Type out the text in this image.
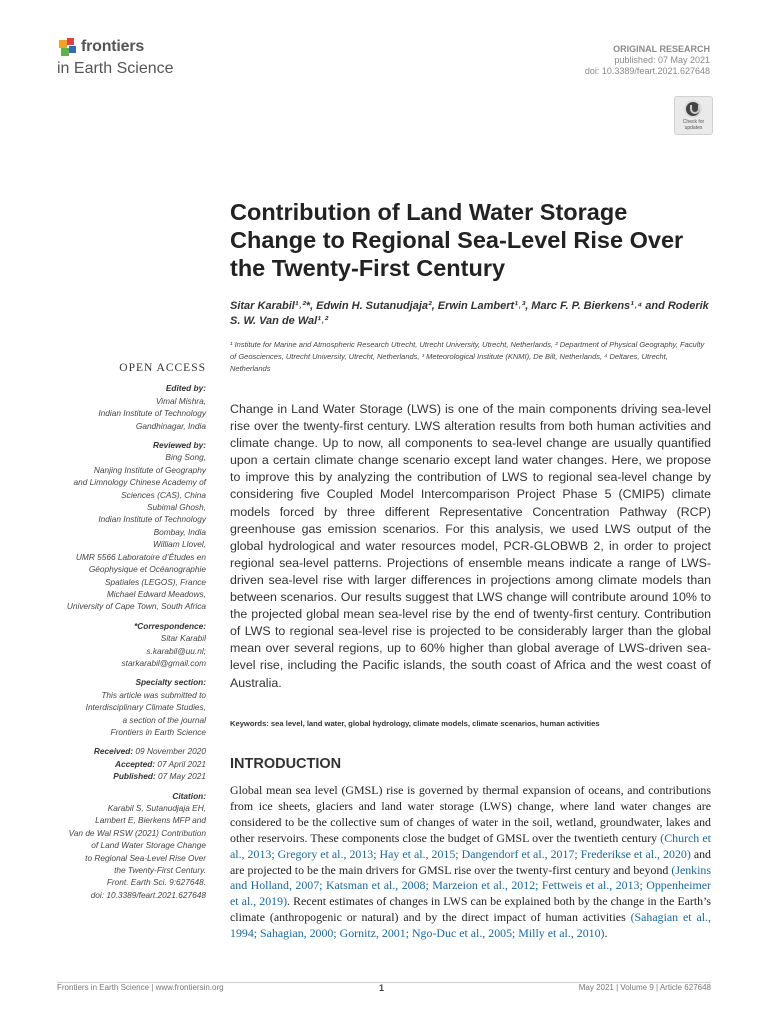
frontiers
in Earth Science
ORIGINAL RESEARCH
published: 07 May 2021
doi: 10.3389/feart.2021.627648
Check for updates
Contribution of Land Water Storage Change to Regional Sea-Level Rise Over the Twenty-First Century
Sitar Karabil¹˒²*, Edwin H. Sutanudjaja², Erwin Lambert¹˒³, Marc F. P. Bierkens¹˒⁴ and Roderik S. W. Van de Wal¹˒²
¹ Institute for Marine and Atmospheric Research Utrecht, Utrecht University, Utrecht, Netherlands, ² Department of Physical Geography, Faculty of Geosciences, Utrecht University, Utrecht, Netherlands, ³ Meteorological Institute (KNMI), De Bilt, Netherlands, ⁴ Deltares, Utrecht, Netherlands
Change in Land Water Storage (LWS) is one of the main components driving sea-level rise over the twenty-first century. LWS alteration results from both human activities and climate change. Up to now, all components to sea-level change are usually quantified upon a certain climate change scenario except land water changes. Here, we propose to improve this by analyzing the contribution of LWS to regional sea-level change by considering five Coupled Model Intercomparison Project Phase 5 (CMIP5) climate models forced by three different Representative Concentration Pathway (RCP) greenhouse gas emission scenarios. For this analysis, we used LWS output of the global hydrological and water resources model, PCR-GLOBWB 2, in order to project regional sea-level patterns. Projections of ensemble means indicate a range of LWS-driven sea-level rise with larger differences in projections among climate models than between scenarios. Our results suggest that LWS change will contribute around 10% to the projected global mean sea-level rise by the end of twenty-first century. Contribution of LWS to regional sea-level rise is projected to be considerably larger than the global mean over several regions, up to 60% higher than global average of LWS-driven sea-level rise, including the Pacific islands, the south coast of Africa and the west coast of Australia.
Keywords: sea level, land water, global hydrology, climate models, climate scenarios, human activities
INTRODUCTION
Global mean sea level (GMSL) rise is governed by thermal expansion of oceans, and contributions from ice sheets, glaciers and land water storage (LWS) change, where land water changes are considered to be the collective sum of changes of water in the soil, wetland, groundwater, lakes and other reservoirs. These components close the budget of GMSL over the twentieth century (Church et al., 2013; Gregory et al., 2013; Hay et al., 2015; Dangendorf et al., 2017; Frederikse et al., 2020) and are projected to be the main drivers for GMSL rise over the twenty-first century and beyond (Jenkins and Holland, 2007; Katsman et al., 2008; Marzeion et al., 2012; Fettweis et al., 2013; Oppenheimer et al., 2019). Recent estimates of changes in LWS can be explained both by the change in the Earth’s climate (anthropogenic or natural) and by the direct impact of human activities (Sahagian et al., 1994; Sahagian, 2000; Gornitz, 2001; Ngo-Duc et al., 2005; Milly et al., 2010).
OPEN ACCESS
Edited by:
Vimal Mishra,
Indian Institute of Technology
Gandhinagar, India
Reviewed by:
Bing Song,
Nanjing Institute of Geography
and Limnology Chinese Academy of
Sciences (CAS), China
Subimal Ghosh,
Indian Institute of Technology
Bombay, India
William Llovel,
UMR 5566 Laboratoire d’Études en
Géophysique et Océanographie
Spatiales (LEGOS), France
Michael Edward Meadows,
University of Cape Town, South Africa
*Correspondence:
Sitar Karabil
s.karabil@uu.nl;
starkarabil@gmail.com
Specialty section:
This article was submitted to
Interdisciplinary Climate Studies,
a section of the journal
Frontiers in Earth Science
Received: 09 November 2020
Accepted: 07 April 2021
Published: 07 May 2021
Citation:
Karabil S, Sutanudjaja EH,
Lambert E, Bierkens MFP and
Van de Wal RSW (2021) Contribution
of Land Water Storage Change
to Regional Sea-Level Rise Over
the Twenty-First Century.
Front. Earth Sci. 9:627648.
doi: 10.3389/feart.2021.627648
Frontiers in Earth Science | www.frontiersin.org	1	May 2021 | Volume 9 | Article 627648
